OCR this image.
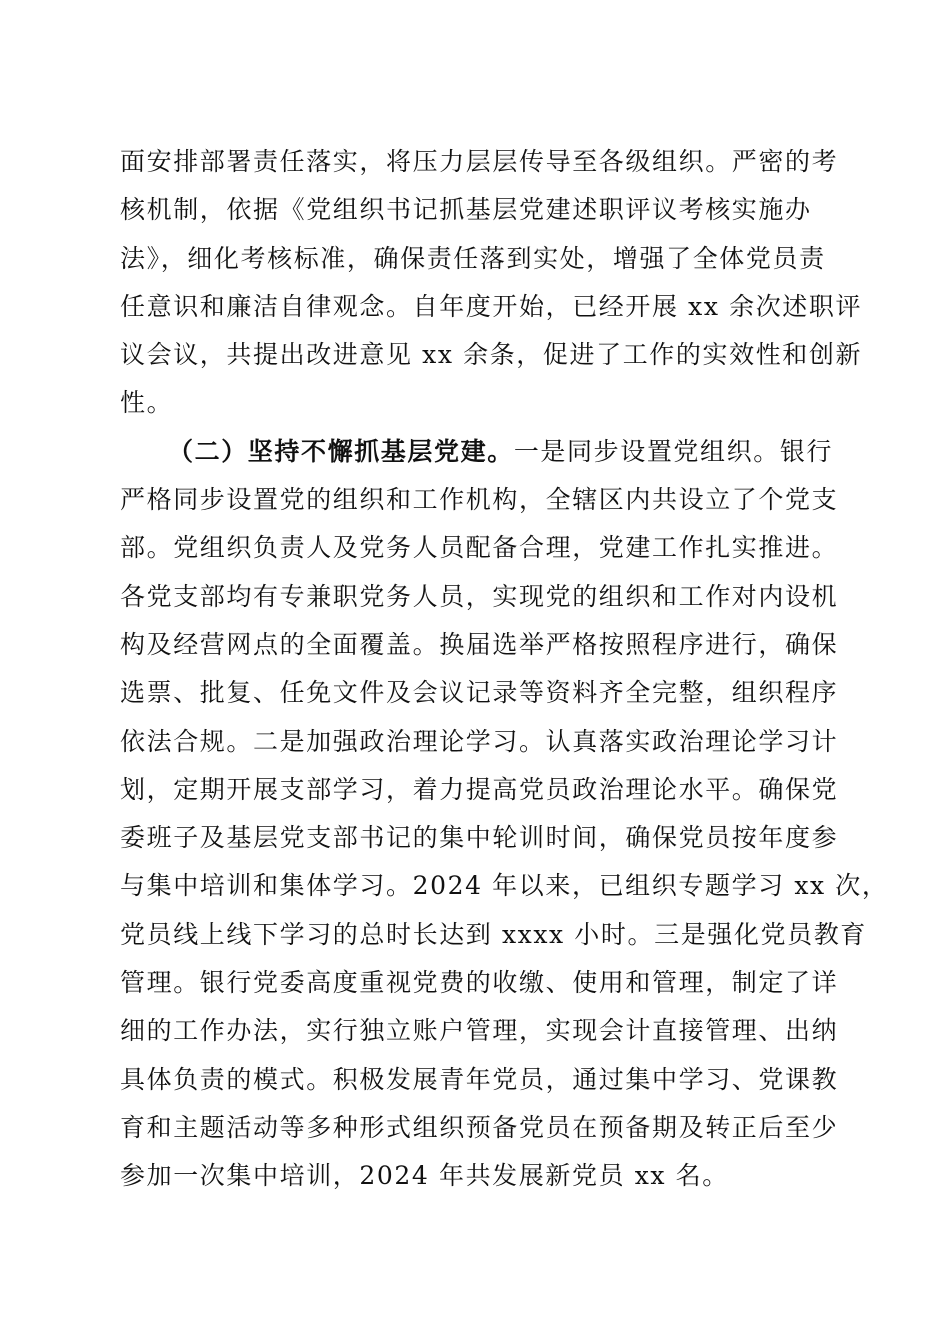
面安排部署责任落实，将压力层层传导至各级组织。严密的考
核机制，依据《党组织书记抓基层党建述职评议考核实施办
法》，细化考核标准，确保责任落到实处，增强了全体党员责
任意识和廉洁自律观念。自年度开始，已经开展 xx 余次述职评
议会议，共提出改进意见 xx 余条，促进了工作的实效性和创新
性。
（二）坚持不懈抓基层党建。一是同步设置党组织。银行
严格同步设置党的组织和工作机构，全辖区内共设立了个党支
部。党组织负责人及党务人员配备合理，党建工作扎实推进。
各党支部均有专兼职党务人员，实现党的组织和工作对内设机
构及经营网点的全面覆盖。换届选举严格按照程序进行，确保
选票、批复、任免文件及会议记录等资料齐全完整，组织程序
依法合规。二是加强政治理论学习。认真落实政治理论学习计
划，定期开展支部学习，着力提高党员政治理论水平。确保党
委班子及基层党支部书记的集中轮训时间，确保党员按年度参
与集中培训和集体学习。2024 年以来，已组织专题学习 xx 次，
党员线上线下学习的总时长达到 xxxx 小时。三是强化党员教育
管理。银行党委高度重视党费的收缴、使用和管理，制定了详
细的工作办法，实行独立账户管理，实现会计直接管理、出纳
具体负责的模式。积极发展青年党员，通过集中学习、党课教
育和主题活动等多种形式组织预备党员在预备期及转正后至少
参加一次集中培训，2024 年共发展新党员 xx 名。
